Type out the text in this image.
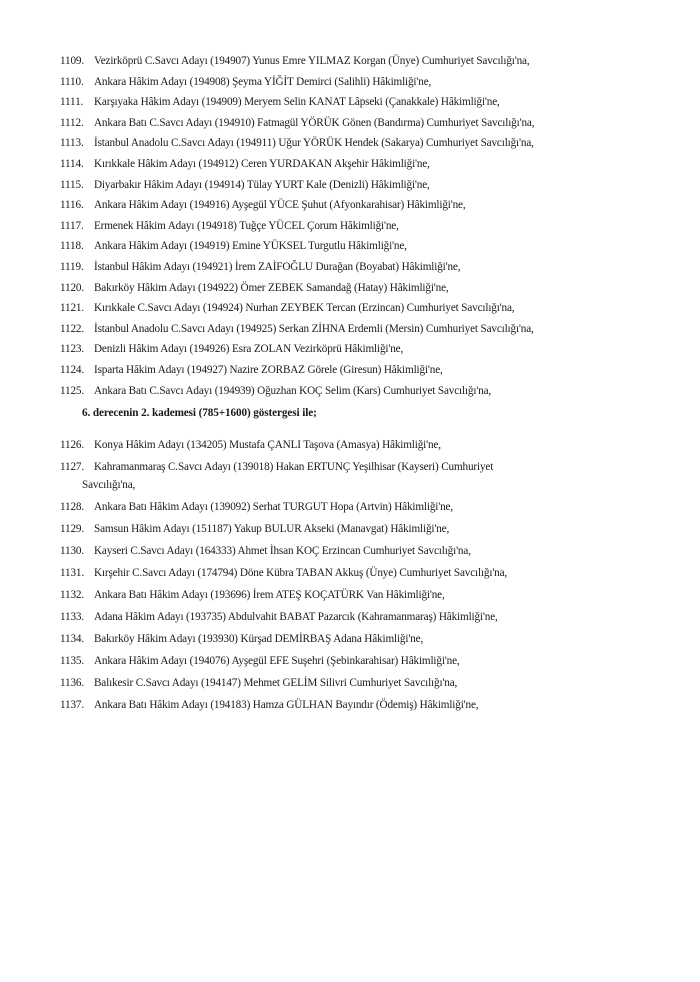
1109. Vezirköprü C.Savcı Adayı (194907) Yunus Emre YILMAZ Korgan (Ünye) Cumhuriyet Savcılığı'na,
1110. Ankara Hâkim Adayı (194908) Şeyma YİĞİT Demirci (Salihli) Hâkimliği'ne,
1111. Karşıyaka Hâkim Adayı (194909) Meryem Selin KANAT Lâpseki (Çanakkale) Hâkimliği'ne,
1112. Ankara Batı C.Savcı Adayı (194910) Fatmagül YÖRÜK Gönen (Bandırma) Cumhuriyet Savcılığı'na,
1113. İstanbul Anadolu C.Savcı Adayı (194911) Uğur YÖRÜK Hendek (Sakarya) Cumhuriyet Savcılığı'na,
1114. Kırıkkale Hâkim Adayı (194912) Ceren YURDAKAN Akşehir Hâkimliği'ne,
1115. Diyarbakır Hâkim Adayı (194914) Tülay YURT Kale (Denizli) Hâkimliği'ne,
1116. Ankara Hâkim Adayı (194916) Ayşegül YÜCE Şuhut (Afyonkarahisar) Hâkimliği'ne,
1117. Ermenek Hâkim Adayı (194918) Tuğçe YÜCEL Çorum Hâkimliği'ne,
1118. Ankara Hâkim Adayı (194919) Emine YÜKSEL Turgutlu Hâkimliği'ne,
1119. İstanbul Hâkim Adayı (194921) İrem ZAİFOĞLU Durağan (Boyabat) Hâkimliği'ne,
1120. Bakırköy Hâkim Adayı (194922) Ömer ZEBEK Samandağ (Hatay) Hâkimliği'ne,
1121. Kırıkkale C.Savcı Adayı (194924) Nurhan ZEYBEK Tercan (Erzincan) Cumhuriyet Savcılığı'na,
1122. İstanbul Anadolu C.Savcı Adayı (194925) Serkan ZİHNA Erdemli (Mersin) Cumhuriyet Savcılığı'na,
1123. Denizli Hâkim Adayı (194926) Esra ZOLAN Vezirköprü Hâkimliği'ne,
1124. Isparta Hâkim Adayı (194927) Nazire ZORBAZ Görele (Giresun) Hâkimliği'ne,
6. derecenin 2. kademesi (785+1600) göstergesi ile;
1126. Konya Hâkim Adayı (134205) Mustafa ÇANLI Taşova (Amasya) Hâkimliği'ne,
1127. Kahramanmaraş C.Savcı Adayı (139018) Hakan ERTUNÇ Yeşilhisar (Kayseri) Cumhuriyet
Savcılığı'na,
1128. Ankara Batı Hâkim Adayı (139092) Serhat TURGUT Hopa (Artvin) Hâkimliği'ne,
1129. Samsun Hâkim Adayı (151187) Yakup BULUR Akseki (Manavgat) Hâkimliği'ne,
1130. Kayseri C.Savcı Adayı (164333) Ahmet İhsan KOÇ Erzincan Cumhuriyet Savcılığı'na,
1131. Kırşehir C.Savcı Adayı (174794) Döne Kübra TABAN Akkuş (Ünye) Cumhuriyet Savcılığı'na,
1132. Ankara Batı Hâkim Adayı (193696) İrem ATEŞ KOÇATÜRK Van Hâkimliği'ne,
1133. Adana Hâkim Adayı (193735) Abdulvahit BABAT Pazarcık (Kahramanmaraş) Hâkimliği'ne,
1134. Bakırköy Hâkim Adayı (193930) Kürşad DEMİRBAŞ Adana Hâkimliği'ne,
1135. Ankara Hâkim Adayı (194076) Ayşegül EFE Suşehri (Şebinkarahisar) Hâkimliği'ne,
1136. Balıkesir C.Savcı Adayı (194147) Mehmet GELİM Silivri Cumhuriyet Savcılığı'na,
1137. Ankara Batı Hâkim Adayı (194183) Hamza GÜLHAN Bayındır (Ödemiş) Hâkimliği'ne,
1125. Ankara Batı C.Savcı Adayı (194939) Oğuzhan KOÇ Selim (Kars) Cumhuriyet Savcılığı'na,
